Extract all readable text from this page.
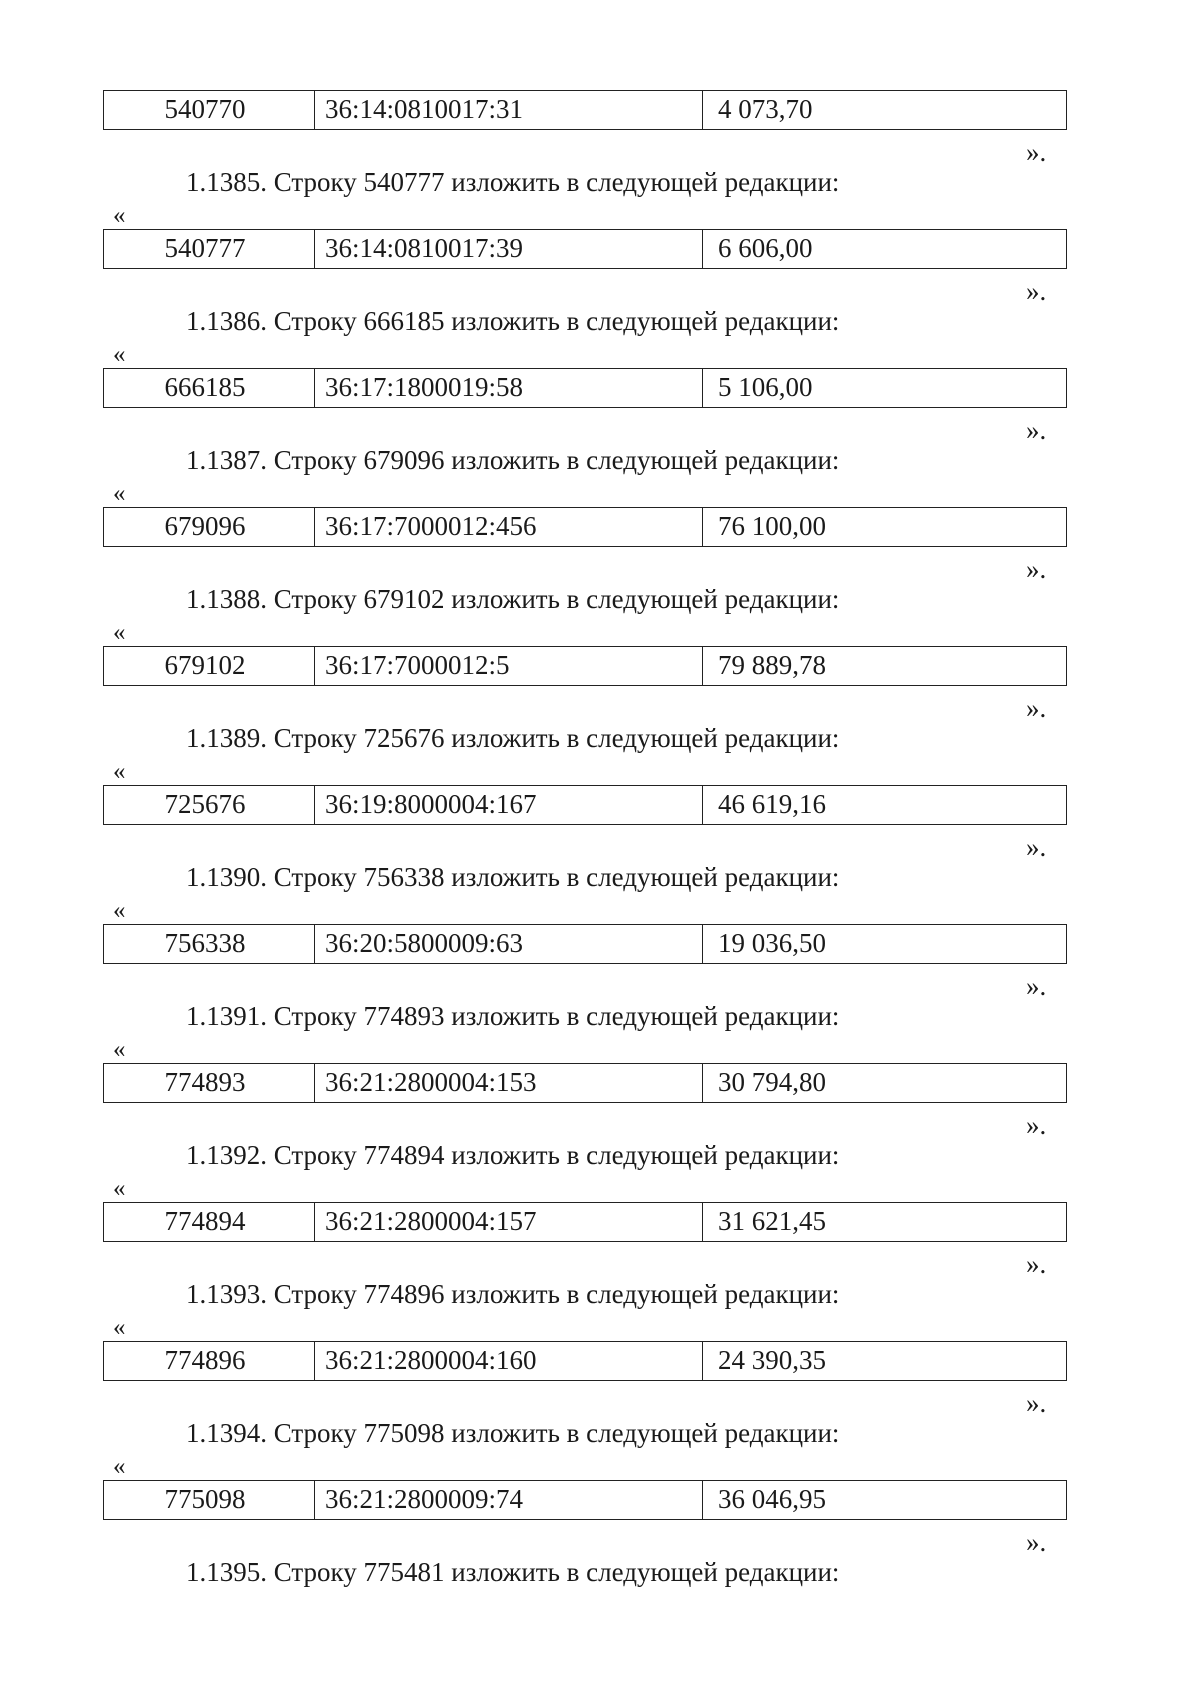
540770	36:14:0810017:31	4 073,70
».
1.1385. Строку 540777 изложить в следующей редакции:
«
540777	36:14:0810017:39	6 606,00
».
1.1386. Строку 666185 изложить в следующей редакции:
«
666185	36:17:1800019:58	5 106,00
».
1.1387. Строку 679096 изложить в следующей редакции:
«
679096	36:17:7000012:456	76 100,00
».
1.1388. Строку 679102 изложить в следующей редакции:
«
679102	36:17:7000012:5	79 889,78
».
1.1389. Строку 725676 изложить в следующей редакции:
«
725676	36:19:8000004:167	46 619,16
».
1.1390. Строку 756338 изложить в следующей редакции:
«
756338	36:20:5800009:63	19 036,50
».
1.1391. Строку 774893 изложить в следующей редакции:
«
774893	36:21:2800004:153	30 794,80
».
1.1392. Строку 774894 изложить в следующей редакции:
«
774894	36:21:2800004:157	31 621,45
».
1.1393. Строку 774896 изложить в следующей редакции:
«
774896	36:21:2800004:160	24 390,35
».
1.1394. Строку 775098 изложить в следующей редакции:
«
775098	36:21:2800009:74	36 046,95
».
1.1395. Строку 775481 изложить в следующей редакции:
